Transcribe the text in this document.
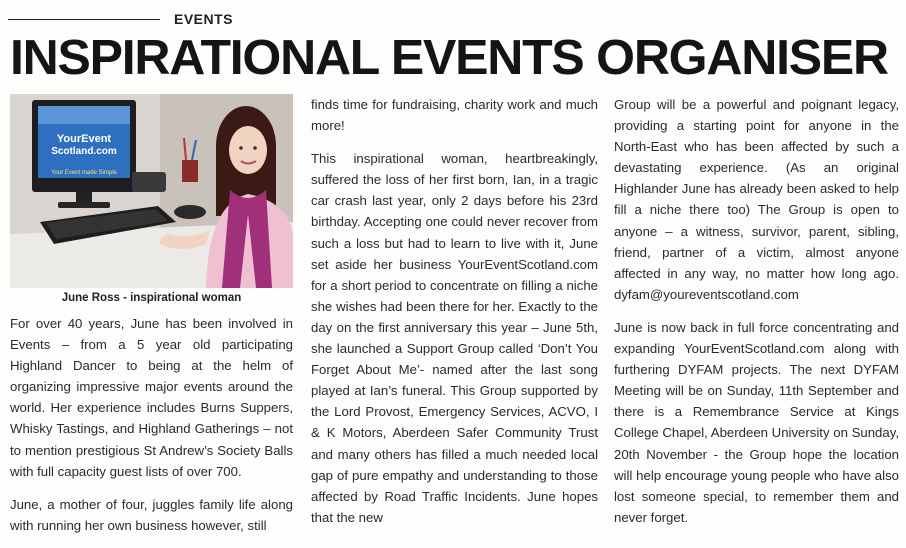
EVENTS
INSPIRATIONAL EVENTS ORGANISER
YourEvent
Scotland.com
Your Event made Simple
June Ross - inspirational woman

For over 40 years, June has been involved in Events – from a 5 year old participating Highland Dancer to being at the helm of organizing impressive major events around the world. Her experience includes Burns Suppers, Whisky Tastings, and Highland Gatherings – not to mention prestigious St Andrew’s Society Balls with full capacity guest lists of over 700.

June, a mother of four, juggles family life along with running her own business however, still

finds time for fundraising, charity work and much more!

This inspirational woman, heartbreakingly, suffered the loss of her first born, Ian, in a tragic car crash last year, only 2 days before his 23rd birthday. Accepting one could never recover from such a loss but had to learn to live with it, June set aside her business YourEventScotland.com for a short period to concentrate on filling a niche she wishes had been there for her. Exactly to the day on the first anniversary this year – June 5th, she launched a Support Group called ‘Don’t You Forget About Me’- named after the last song played at Ian’s funeral. This Group supported by the Lord Provost, Emergency Services, ACVO, I & K Motors, Aberdeen Safer Community Trust and many others has filled a much needed local gap of pure empathy and understanding to those affected by Road Traffic Incidents. June hopes that the new

Group will be a powerful and poignant legacy, providing a starting point for anyone in the North-East who has been affected by such a devastating experience. (As an original Highlander June has already been asked to help fill a niche there too) The Group is open to anyone – a witness, survivor, parent, sibling, friend, partner of a victim, almost anyone affected in any way, no matter how long ago. dyfam@youreventscotland.com

June is now back in full force concentrating and expanding YourEventScotland.com along with furthering DYFAM projects. The next DYFAM Meeting will be on Sunday, 11th September and there is a Remembrance Service at Kings College Chapel, Aberdeen University on Sunday, 20th November - the Group hope the location will help encourage young people who have also lost someone special, to remember them and never forget.
